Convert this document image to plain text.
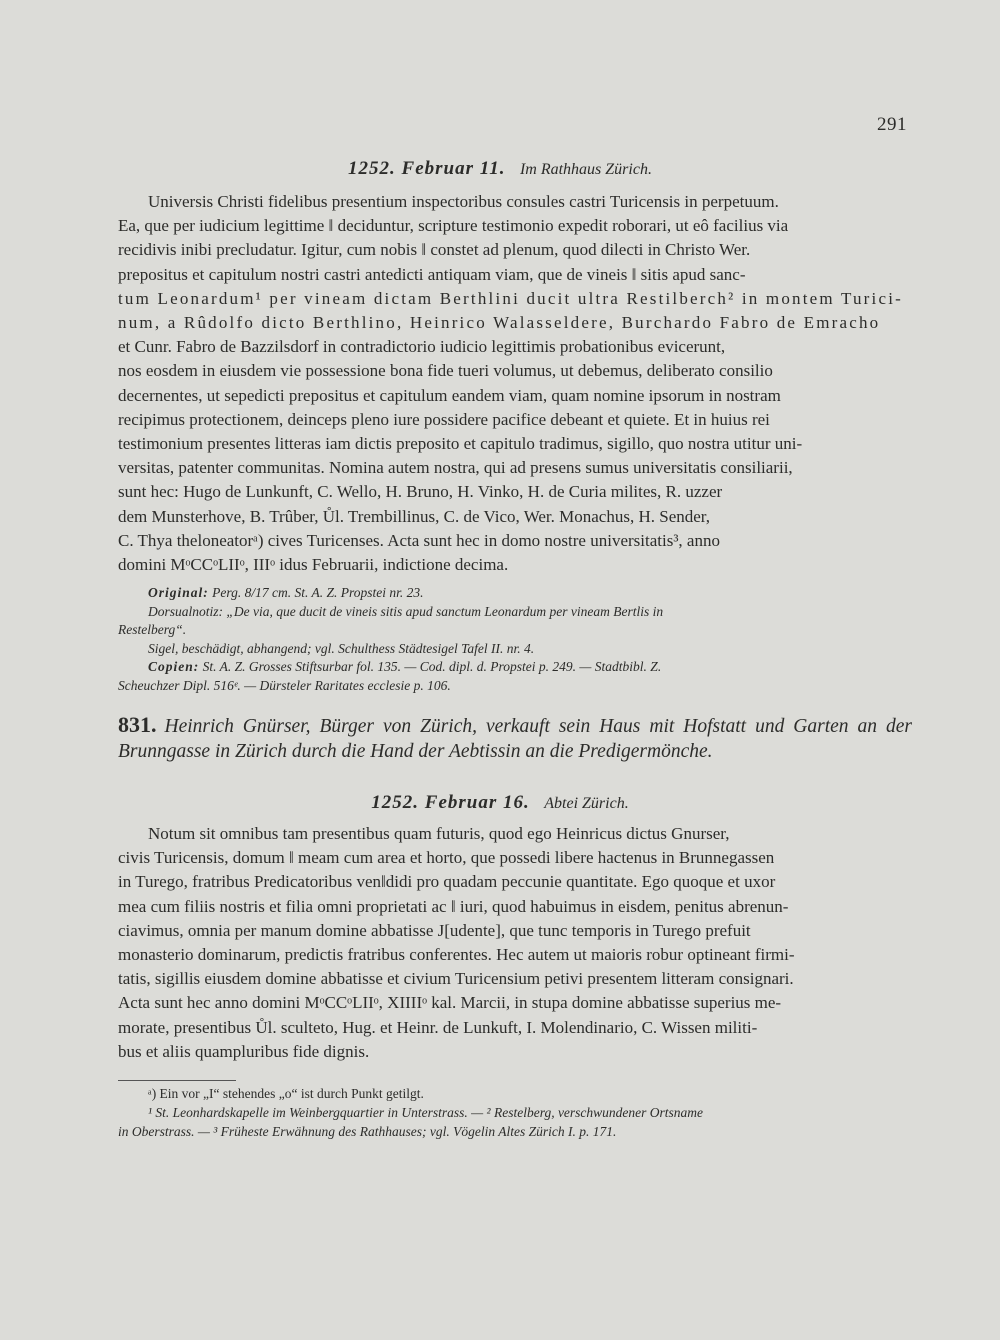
291
1252. Februar 11. Im Rathhaus Zürich.

Universis Christi fidelibus presentium inspectoribus consules castri Turicensis in perpetuum.

Ea, que per iudicium legittime ‖ deciduntur, scripture testimonio expedit roborari, ut eô facilius via

recidivis inibi precludatur. Igitur, cum nobis ‖ constet ad plenum, quod dilecti in Christo Wer.

prepositus et capitulum nostri castri antedicti antiquam viam, que de vineis ‖ sitis apud sanc-

tum Leonardum¹ per vineam dictam Berthlini ducit ultra Restilberch² in montem Turici-

num, a Rûdolfo dicto Berthlino, Heinrico Walasseldere, Burchardo Fabro de Emracho

et Cunr. Fabro de Bazzilsdorf in contradictorio iudicio legittimis probationibus evicerunt,

nos eosdem in eiusdem vie possessione bona fide tueri volumus, ut debemus, deliberato consilio

decernentes, ut sepedicti prepositus et capitulum eandem viam, quam nomine ipsorum in nostram

recipimus protectionem, deinceps pleno iure possidere pacifice debeant et quiete. Et in huius rei

testimonium presentes litteras iam dictis preposito et capitulo tradimus, sigillo, quo nostra utitur uni-

versitas, patenter communitas. Nomina autem nostra, qui ad presens sumus universitatis consiliarii,

sunt hec: Hugo de Lunkunft, C. Wello, H. Bruno, H. Vinko, H. de Curia milites, R. uzzer

dem Munsterhove, B. Trûber, Ůl. Trembillinus, C. de Vico, Wer. Monachus, H. Sender,

C. Thya theloneatorᵃ) cives Turicenses. Acta sunt hec in domo nostre universitatis³, anno

domini MᵒCCᵒLIIᵒ, IIIᵒ idus Februarii, indictione decima.

Original: Perg. 8/17 cm. St. A. Z. Propstei nr. 23.

Dorsualnotiz: „De via, que ducit de vineis sitis apud sanctum Leonardum per vineam Bertlis in

Restelberg“.

Sigel, beschädigt, abhangend; vgl. Schulthess Städtesigel Tafel II. nr. 4.

Copien: St. A. Z. Grosses Stiftsurbar fol. 135. — Cod. dipl. d. Propstei p. 249. — Stadtbibl. Z.

Scheuchzer Dipl. 516ᵉ. — Dürsteler Raritates ecclesie p. 106.

831. Heinrich Gnürser, Bürger von Zürich, verkauft sein Haus mit Hofstatt und Garten an der Brunngasse in Zürich durch die Hand der Aebtissin an die Predigermönche.

1252. Februar 16. Abtei Zürich.

Notum sit omnibus tam presentibus quam futuris, quod ego Heinricus dictus Gnurser,

civis Turicensis, domum ‖ meam cum area et horto, que possedi libere hactenus in Brunnegassen

in Turego, fratribus Predicatoribus ven‖didi pro quadam peccunie quantitate. Ego quoque et uxor

mea cum filiis nostris et filia omni proprietati ac ‖ iuri, quod habuimus in eisdem, penitus abrenun-

ciavimus, omnia per manum domine abbatisse J[udente], que tunc temporis in Turego prefuit

monasterio dominarum, predictis fratribus conferentes. Hec autem ut maioris robur optineant firmi-

tatis, sigillis eiusdem domine abbatisse et civium Turicensium petivi presentem litteram consignari.

Acta sunt hec anno domini MᵒCCᵒLIIᵒ, XIIIIᵒ kal. Marcii, in stupa domine abbatisse superius me-

morate, presentibus Ůl. sculteto, Hug. et Heinr. de Lunkuft, I. Molendinario, C. Wissen militi-

bus et aliis quampluribus fide dignis.

ᵃ) Ein vor „I“ stehendes „o“ ist durch Punkt getilgt.

¹ St. Leonhardskapelle im Weinbergquartier in Unterstrass. — ² Restelberg, verschwundener Ortsname

in Oberstrass. — ³ Früheste Erwähnung des Rathhauses; vgl. Vögelin Altes Zürich I. p. 171.
